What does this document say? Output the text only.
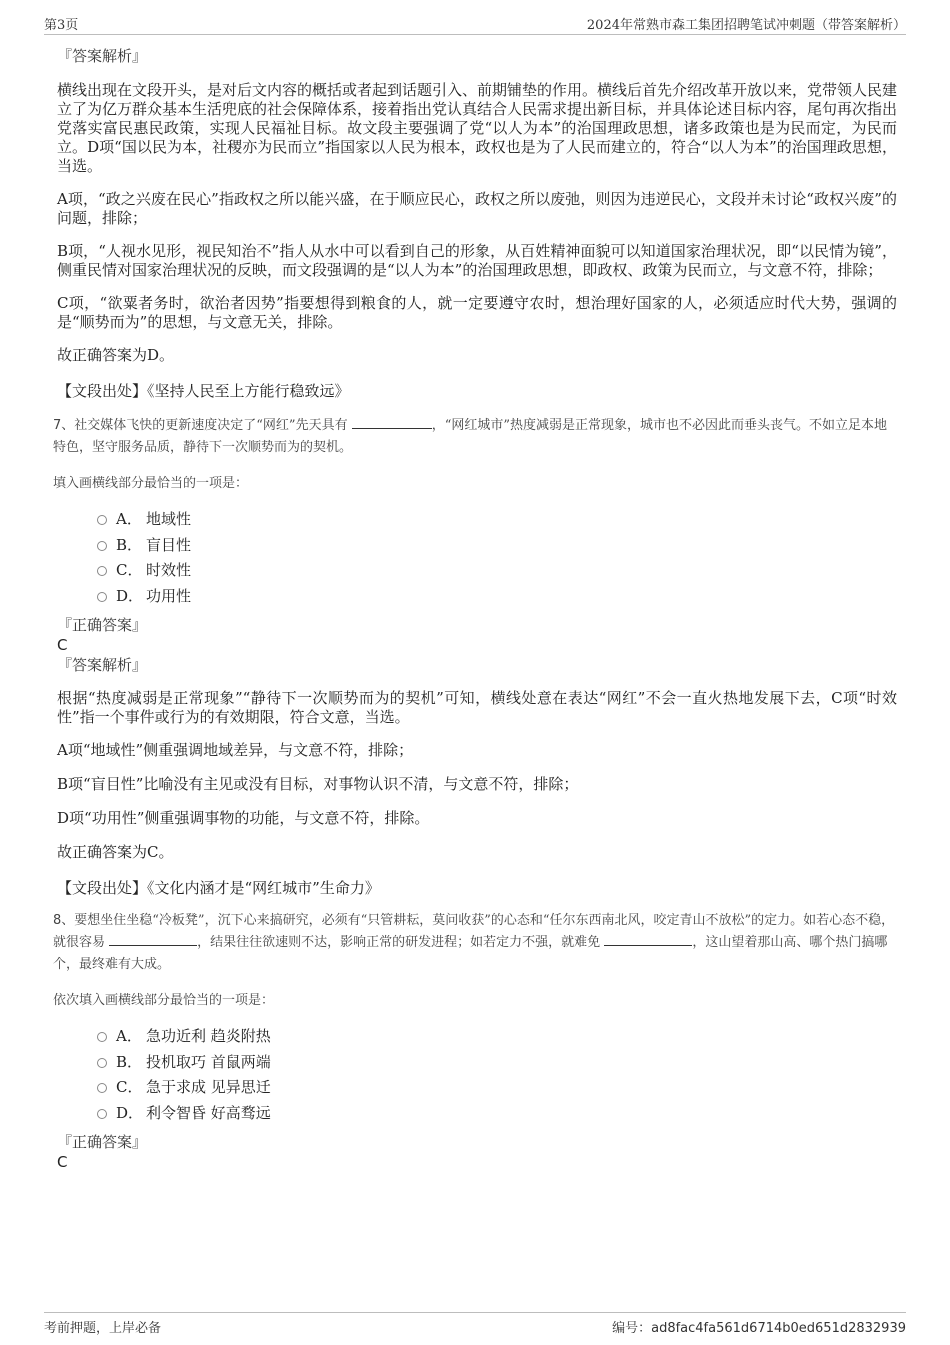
第3页	2024年常熟市森工集团招聘笔试冲刺题（带答案解析）

『答案解析』

横线出现在文段开头，是对后文内容的概括或者起到话题引入、前期铺垫的作用。横线后首先介绍改革开放以来，党带领人民建立了为亿万群众基本生活兜底的社会保障体系，接着指出党认真结合人民需求提出新目标，并具体论述目标内容，尾句再次指出党落实富民惠民政策，实现人民福祉目标。故文段主要强调了党“以人为本”的治国理政思想，诸多政策也是为民而定，为民而立。D项“国以民为本，社稷亦为民而立”指国家以人民为根本，政权也是为了人民而建立的，符合“以人为本”的治国理政思想，当选。

A项，“政之兴废在民心”指政权之所以能兴盛，在于顺应民心，政权之所以废弛，则因为违逆民心，文段并未讨论“政权兴废”的问题，排除；

B项，“人视水见形，视民知治不”指人从水中可以看到自己的形象，从百姓精神面貌可以知道国家治理状况，即“以民情为镜”，侧重民情对国家治理状况的反映，而文段强调的是“以人为本”的治国理政思想，即政权、政策为民而立，与文意不符，排除；

C项，“欲粟者务时，欲治者因势”指要想得到粮食的人，就一定要遵守农时，想治理好国家的人，必须适应时代大势，强调的是“顺势而为”的思想，与文意无关，排除。

故正确答案为D。

【文段出处】《坚持人民至上方能行稳致远》

7、社交媒体飞快的更新速度决定了“网红”先天具有	，“网红城市”热度减弱是正常现象，城市也不必因此而垂头丧气。不如立足本地特色，坚守服务品质，静待下一次顺势而为的契机。

填入画横线部分最恰当的一项是：

A． 地域性
B． 盲目性
C． 时效性
D． 功用性

『正确答案』

C

『答案解析』

根据“热度减弱是正常现象”“静待下一次顺势而为的契机”可知，横线处意在表达“网红”不会一直火热地发展下去，C项“时效性”指一个事件或行为的有效期限，符合文意，当选。

A项“地域性”侧重强调地域差异，与文意不符，排除；

B项“盲目性”比喻没有主见或没有目标，对事物认识不清，与文意不符，排除；

D项“功用性”侧重强调事物的功能，与文意不符，排除。

故正确答案为C。

【文段出处】《文化内涵才是“网红城市”生命力》

8、要想坐住坐稳“冷板凳”，沉下心来搞研究，必须有“只管耕耘，莫问收获”的心态和“任尔东西南北风，咬定青山不放松”的定力。如若心态不稳，就很容易	，结果往往欲速则不达，影响正常的研发进程；如若定力不强，就难免	，这山望着那山高、哪个热门搞哪个，最终难有大成。

依次填入画横线部分最恰当的一项是：

A． 急功近利 趋炎附热
B． 投机取巧 首鼠两端
C． 急于求成 见异思迁
D． 利令智昏 好高骛远

『正确答案』

C

考前押题，上岸必备	编号：ad8fac4fa561d6714b0ed651d2832939
